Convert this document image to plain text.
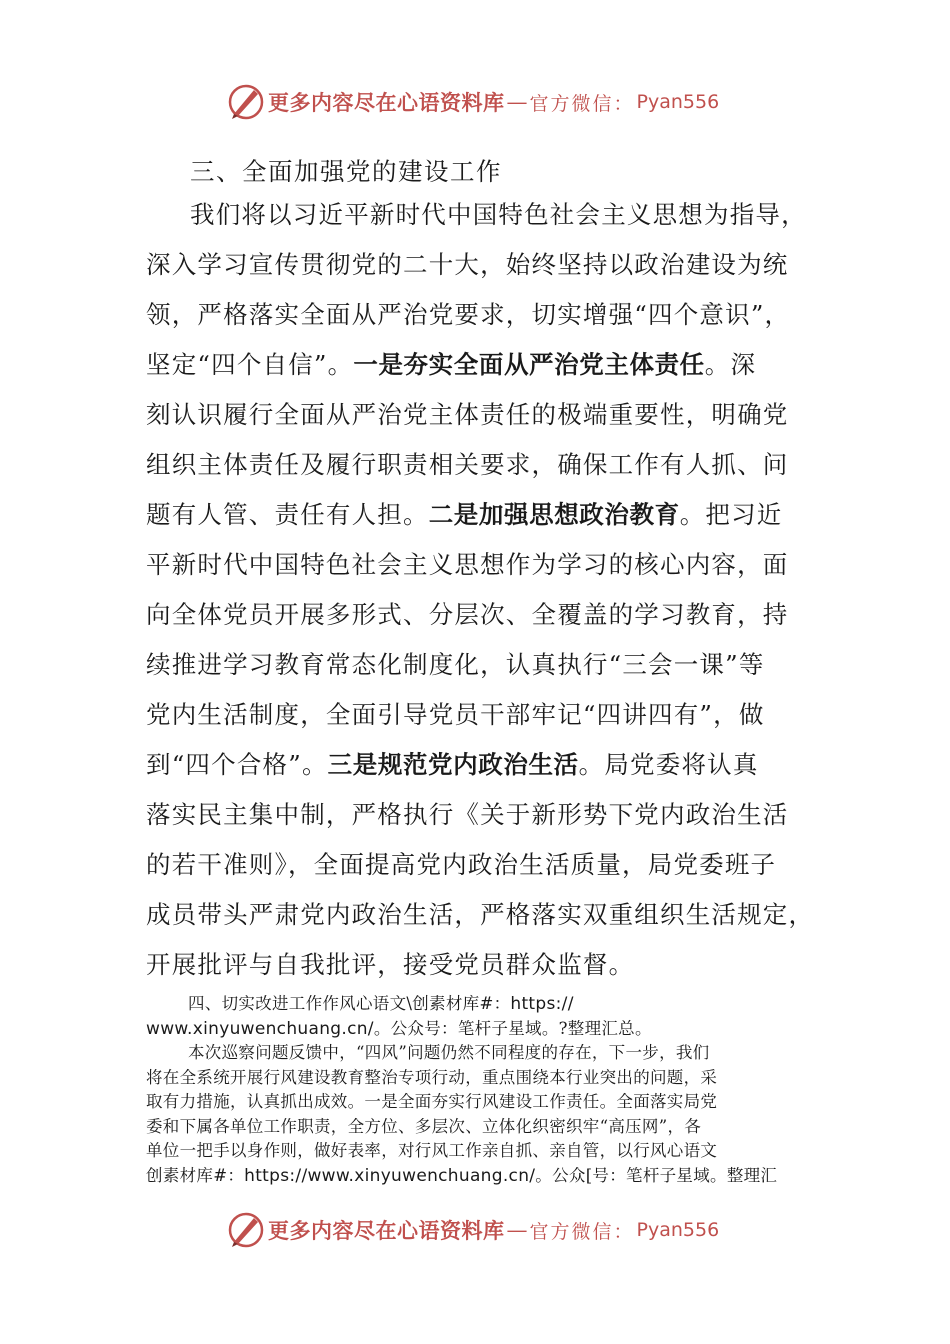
更多内容尽在心语资料库 — 官方微信： Pyan556
三、全面加强党的建设工作
我们将以习近平新时代中国特色社会主义思想为指导，
深入学习宣传贯彻党的二十大，始终坚持以政治建设为统
领，严格落实全面从严治党要求，切实增强“四个意识”，
坚定“四个自信”。一是夯实全面从严治党主体责任。深
刻认识履行全面从严治党主体责任的极端重要性，明确党
组织主体责任及履行职责相关要求，确保工作有人抓、问
题有人管、责任有人担。二是加强思想政治教育。把习近
平新时代中国特色社会主义思想作为学习的核心内容，面
向全体党员开展多形式、分层次、全覆盖的学习教育，持
续推进学习教育常态化制度化，认真执行“三会一课”等
党内生活制度，全面引导党员干部牢记“四讲四有”，做
到“四个合格”。三是规范党内政治生活。局党委将认真
落实民主集中制，严格执行《关于新形势下党内政治生活
的若干准则》，全面提高党内政治生活质量，局党委班子
成员带头严肃党内政治生活，严格落实双重组织生活规定，
开展批评与自我批评，接受党员群众监督。
四、切实改进工作作风心语文\创素材库#：https://
www.xinyuwenchuang.cn/。公众号：笔杆子星域。?整理汇总。
本次巡察问题反馈中，“四风”问题仍然不同程度的存在，下一步，我们
将在全系统开展行风建设教育整治专项行动，重点围绕本行业突出的问题，采
取有力措施，认真抓出成效。一是全面夯实行风建设工作责任。全面落实局党
委和下属各单位工作职责，全方位、多层次、立体化织密织牢“高压网”，各
单位一把手以身作则，做好表率，对行风工作亲自抓、亲自管，以行风心语文
创素材库#：https://www.xinyuwenchuang.cn/。公众[号：笔杆子星域。整理汇
更多内容尽在心语资料库 — 官方微信： Pyan556
